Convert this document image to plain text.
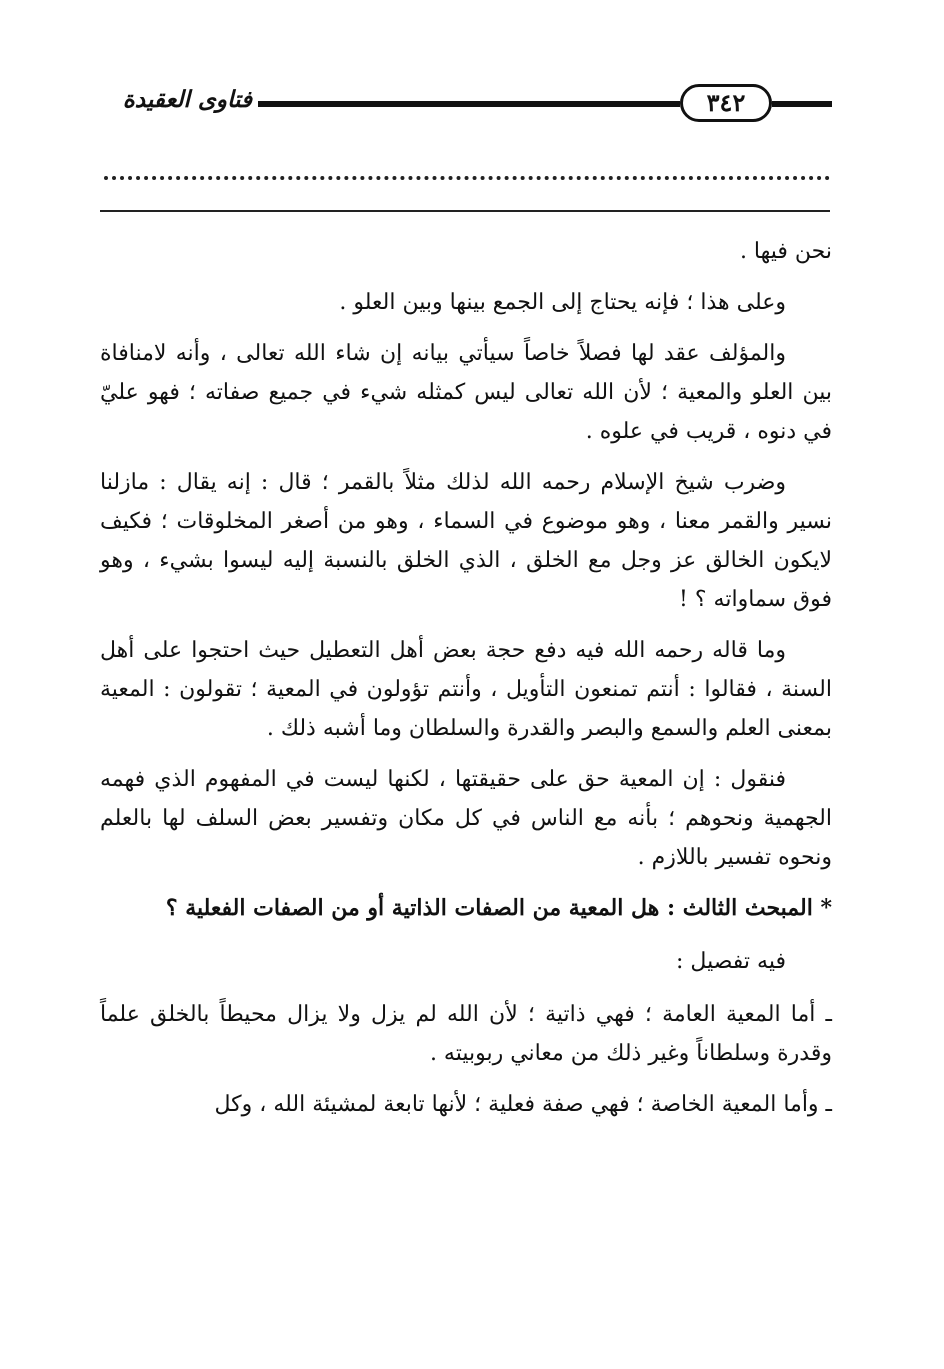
فتاوى العقيدة	٣٤٢

نحن فيها .

وعلى هذا ؛ فإنه يحتاج إلى الجمع بينها وبين العلو .

والمؤلف عقد لها فصلاً خاصاً سيأتي بيانه إن شاء الله تعالى ، وأنه لامنافاة بين العلو والمعية ؛ لأن الله تعالى ليس كمثله شيء في جميع صفاته ؛ فهو عليّ في دنوه ، قريب في علوه .

وضرب شيخ الإسلام رحمه الله لذلك مثلاً بالقمر ؛ قال : إنه يقال : مازلنا نسير والقمر معنا ، وهو موضوع في السماء ، وهو من أصغر المخلوقات ؛ فكيف لايكون الخالق عز وجل مع الخلق ، الذي الخلق بالنسبة إليه ليسوا بشيء ، وهو فوق سماواته ؟ !

وما قاله رحمه الله فيه دفع حجة بعض أهل التعطيل حيث احتجوا على أهل السنة ، فقالوا : أنتم تمنعون التأويل ، وأنتم تؤولون في المعية ؛ تقولون : المعية بمعنى العلم والسمع والبصر والقدرة والسلطان وما أشبه ذلك .

فنقول : إن المعية حق على حقيقتها ، لكنها ليست في المفهوم الذي فهمه الجهمية ونحوهم ؛ بأنه مع الناس في كل مكان وتفسير بعض السلف لها بالعلم ونحوه تفسير باللازم .

* المبحث الثالث : هل المعية من الصفات الذاتية أو من الصفات الفعلية ؟

فيه تفصيل :

ـ أما المعية العامة ؛ فهي ذاتية ؛ لأن الله لم يزل ولا يزال محيطاً بالخلق علماً وقدرة وسلطاناً وغير ذلك من معاني ربوبيته .

ـ وأما المعية الخاصة ؛ فهي صفة فعلية ؛ لأنها تابعة لمشيئة الله ، وكل
